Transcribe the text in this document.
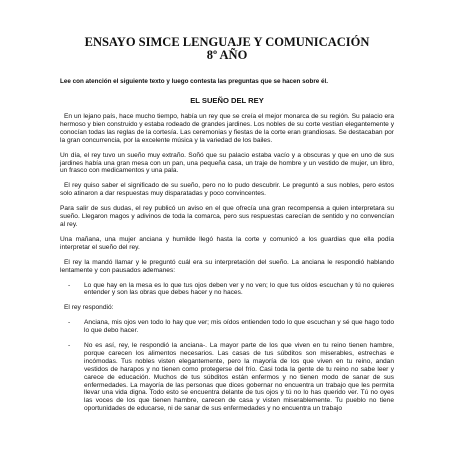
ENSAYO SIMCE LENGUAJE Y COMUNICACIÓN

8º AÑO

Lee con atención el siguiente texto y luego contesta las preguntas que se hacen sobre él.

EL SUEÑO DEL REY

En un lejano país, hace mucho tiempo, había un rey que se creía el mejor monarca de su región. Su palacio era hermoso y bien construido y estaba rodeado de grandes jardines. Los nobles de su corte vestían elegantemente y conocían todas las reglas de la cortesía. Las ceremonias y fiestas de la corte eran grandiosas. Se destacaban por la gran concurrencia, por la excelente música y la variedad de los bailes.

Un día, el rey tuvo un sueño muy extraño. Soñó que su palacio estaba vacío y a obscuras y que en uno de sus jardines había una gran mesa con un pan, una pequeña casa, un traje de hombre y un vestido de mujer, un libro, un frasco con medicamentos y una pala.

El rey quiso saber el significado de su sueño, pero no lo pudo descubrir. Le preguntó a sus nobles, pero estos solo atinaron a dar respuestas muy disparatadas y poco convincentes.

Para salir de sus dudas, el rey publicó un aviso en el que ofrecía una gran recompensa a quien interpretara su sueño. Llegaron magos y adivinos de toda la comarca, pero sus respuestas carecían de sentido y no convencían al rey.

Una mañana, una mujer anciana y humilde llegó hasta la corte y comunicó a los guardias que ella podía interpretar el sueño del rey.

El rey la mandó llamar y le preguntó cuál era su interpretación del sueño. La anciana le respondió hablando lentamente y con pausados ademanes:

-	Lo que hay en la mesa es lo que tus ojos deben ver y no ven; lo que tus oídos escuchan y tú no quieres entender y son las obras que debes hacer y no haces.

El rey respondió:

-	Anciana, mis ojos ven todo lo hay que ver; mis oídos entienden todo lo que escuchan y sé que hago todo lo que debo hacer.
-	No es así, rey, le respondió la anciana-. La mayor parte de los que viven en tu reino tienen hambre, porque carecen los alimentos necesarios. Las casas de tus súbditos son miserables, estrechas e incómodas. Tus nobles visten elegantemente, pero la mayoría de los que viven en tu reino, andan vestidos de harapos y no tienen como protegerse del frío. Casi toda la gente de tu reino no sabe leer y carece de educación. Muchos de tus súbditos están enfermos y no tienen modo de sanar de sus enfermedades. La mayoría de las personas que dices gobernar no encuentra un trabajo que les permita llevar una vida digna. Todo esto se encuentra delante de tus ojos y tú no lo has querido ver. Tú no oyes las voces de los que tienen hambre, carecen de casa y visten miserablemente. Tu pueblo no tiene oportunidades de educarse, ni de sanar de sus enfermedades y no encuentra un trabajo
